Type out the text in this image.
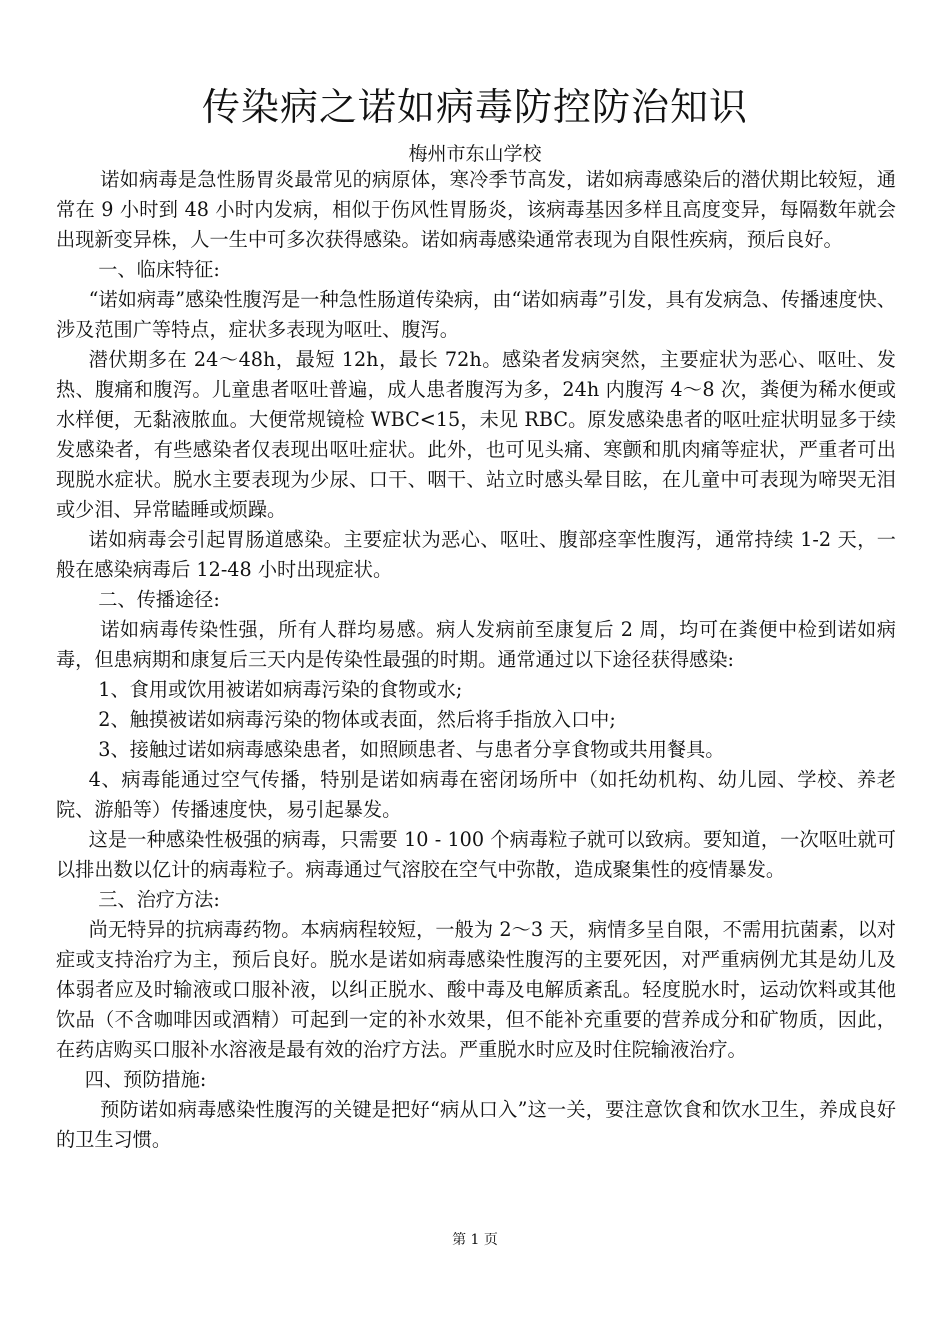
传染病之诺如病毒防控防治知识
梅州市东山学校

诺如病毒是急性肠胃炎最常见的病原体，寒冷季节高发，诺如病毒感染后的潜伏期比较短，通常在 9 小时到 48 小时内发病，相似于伤风性胃肠炎，该病毒基因多样且高度变异，每隔数年就会出现新变异株，人一生中可多次获得感染。诺如病毒感染通常表现为自限性疾病，预后良好。

一、临床特征:

“诺如病毒”感染性腹泻是一种急性肠道传染病，由“诺如病毒”引发，具有发病急、传播速度快、涉及范围广等特点，症状多表现为呕吐、腹泻。

潜伏期多在 24～48h，最短 12h，最长 72h。感染者发病突然，主要症状为恶心、呕吐、发热、腹痛和腹泻。儿童患者呕吐普遍，成人患者腹泻为多，24h 内腹泻 4～8 次，粪便为稀水便或水样便，无黏液脓血。大便常规镜检 WBC<15，未见 RBC。原发感染患者的呕吐症状明显多于续发感染者，有些感染者仅表现出呕吐症状。此外，也可见头痛、寒颤和肌肉痛等症状，严重者可出现脱水症状。脱水主要表现为少尿、口干、咽干、站立时感头晕目眩，在儿童中可表现为啼哭无泪或少泪、异常瞌睡或烦躁。

诺如病毒会引起胃肠道感染。主要症状为恶心、呕吐、腹部痉挛性腹泻，通常持续 1-2 天，一般在感染病毒后 12-48 小时出现症状。

二、传播途径:

诺如病毒传染性强，所有人群均易感。病人发病前至康复后 2 周，均可在粪便中检到诺如病毒，但患病期和康复后三天内是传染性最强的时期。通常通过以下途径获得感染:

1、食用或饮用被诺如病毒污染的食物或水;

2、触摸被诺如病毒污染的物体或表面，然后将手指放入口中;

3、接触过诺如病毒感染患者，如照顾患者、与患者分享食物或共用餐具。

4、病毒能通过空气传播，特别是诺如病毒在密闭场所中（如托幼机构、幼儿园、学校、养老院、游船等）传播速度快，易引起暴发。

这是一种感染性极强的病毒，只需要 10 - 100 个病毒粒子就可以致病。要知道，一次呕吐就可以排出数以亿计的病毒粒子。病毒通过气溶胶在空气中弥散，造成聚集性的疫情暴发。

三、治疗方法:

尚无特异的抗病毒药物。本病病程较短，一般为 2～3 天，病情多呈自限，不需用抗菌素，以对症或支持治疗为主，预后良好。脱水是诺如病毒感染性腹泻的主要死因，对严重病例尤其是幼儿及体弱者应及时输液或口服补液，以纠正脱水、酸中毒及电解质紊乱。轻度脱水时，运动饮料或其他饮品（不含咖啡因或酒精）可起到一定的补水效果，但不能补充重要的营养成分和矿物质，因此，在药店购买口服补水溶液是最有效的治疗方法。严重脱水时应及时住院输液治疗。

四、预防措施:

预防诺如病毒感染性腹泻的关键是把好“病从口入”这一关，要注意饮食和饮水卫生，养成良好的卫生习惯。

第 1 页
